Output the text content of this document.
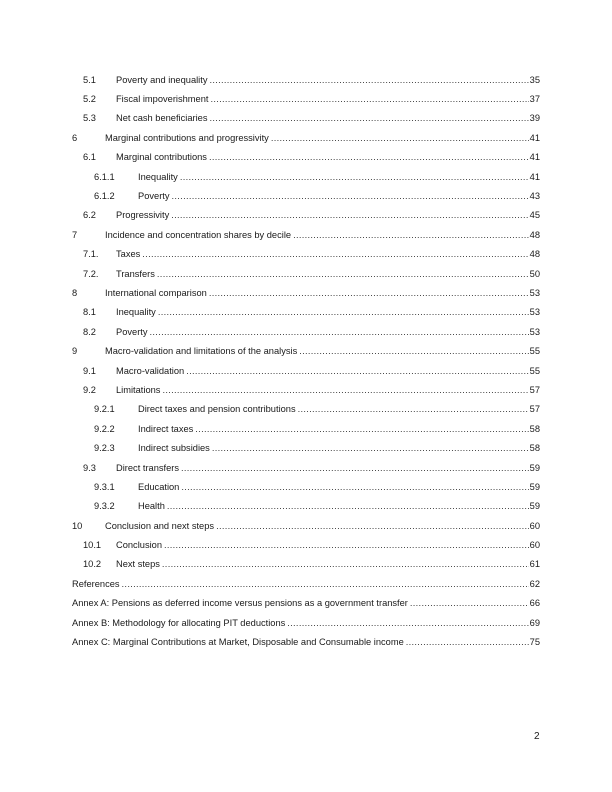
5.1	Poverty and inequality .....	35
5.2	Fiscal impoverishment .....	37
5.3	Net cash beneficiaries .....	39
6	Marginal contributions and progressivity .....	41
6.1	Marginal contributions .....	41
6.1.1	Inequality .....	41
6.1.2	Poverty .....	43
6.2	Progressivity .....	45
7	Incidence and concentration shares by decile .....	48
7.1.	Taxes .....	48
7.2.	Transfers .....	50
8	International comparison .....	53
8.1	Inequality .....	53
8.2	Poverty .....	53
9	Macro-validation and limitations of the analysis .....	55
9.1	Macro-validation .....	55
9.2	Limitations .....	57
9.2.1	Direct taxes and pension contributions .....	57
9.2.2	Indirect taxes .....	58
9.2.3	Indirect subsidies .....	58
9.3	Direct transfers .....	59
9.3.1	Education .....	59
9.3.2	Health .....	59
10	Conclusion and next steps .....	60
10.1	Conclusion .....	60
10.2	Next steps .....	61
References .....	62
Annex A: Pensions as deferred income versus pensions as a government transfer .....	66
Annex B: Methodology for allocating PIT deductions .....	69
Annex C: Marginal Contributions at Market, Disposable and Consumable income .....	75
2
